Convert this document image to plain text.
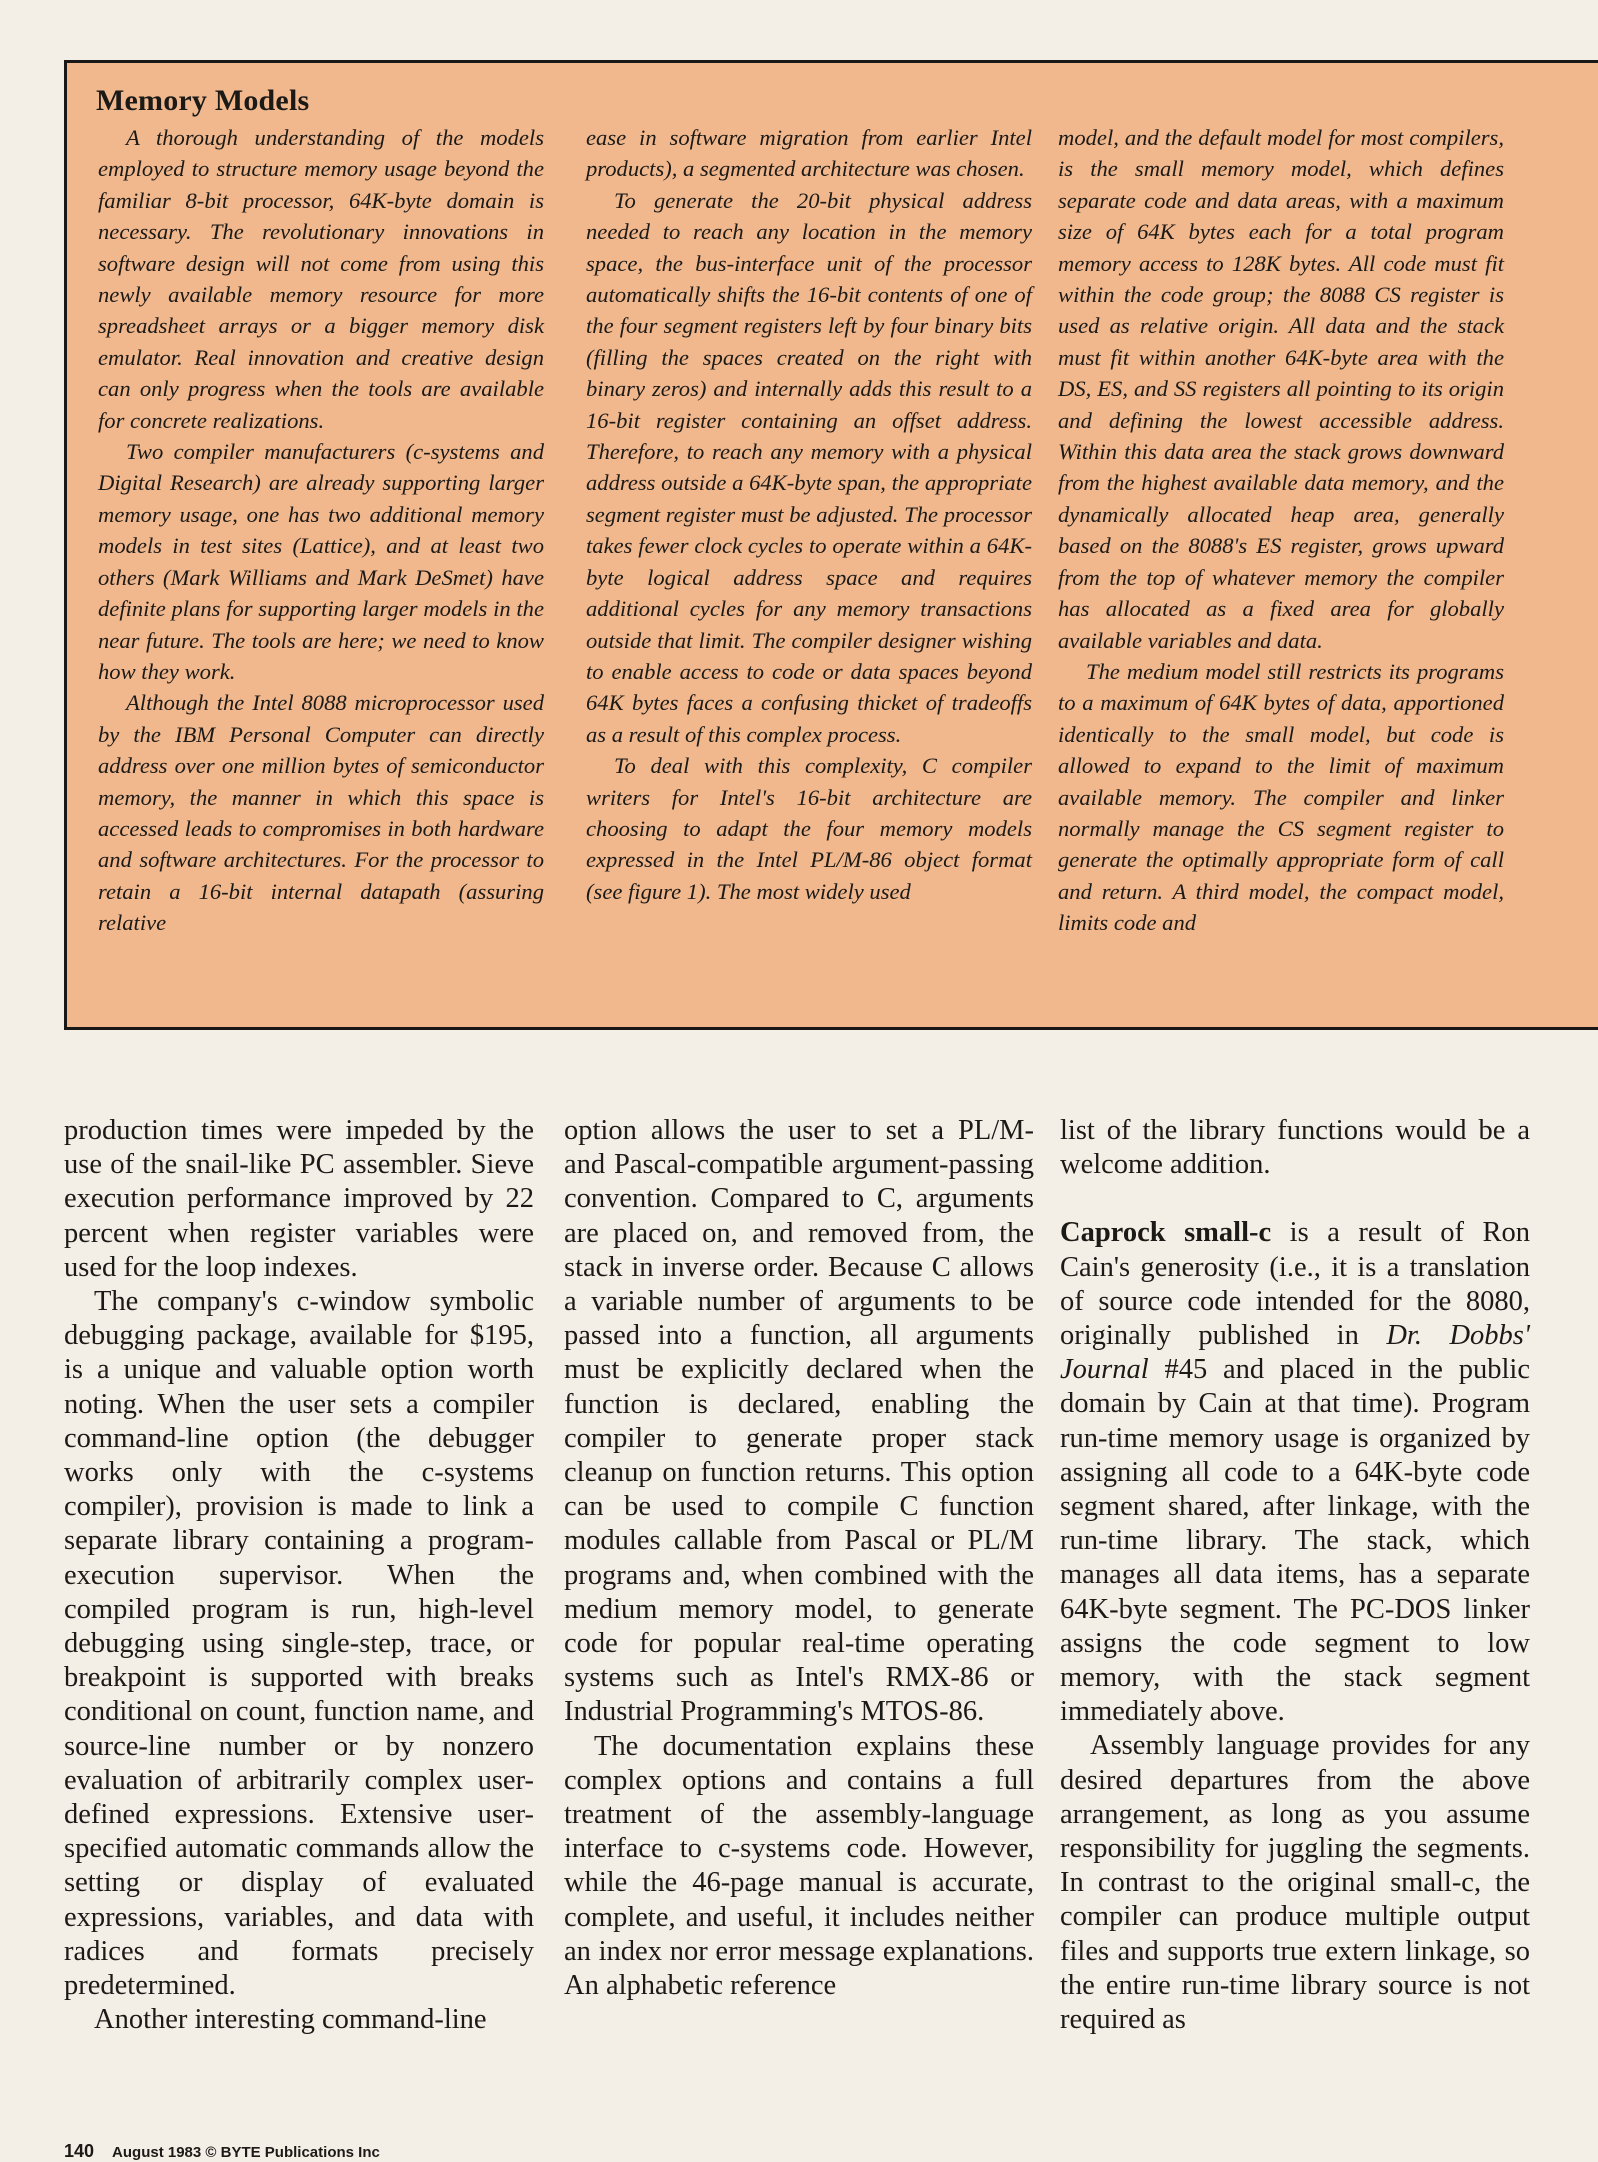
Memory Models

A thorough understanding of the models employed to structure memory usage beyond the familiar 8-bit processor, 64K-byte domain is necessary. The revolutionary innovations in software design will not come from using this newly available memory resource for more spreadsheet arrays or a bigger memory disk emulator. Real innovation and creative design can only progress when the tools are available for concrete realizations.

Two compiler manufacturers (c-systems and Digital Research) are already supporting larger memory usage, one has two additional memory models in test sites (Lattice), and at least two others (Mark Williams and Mark DeSmet) have definite plans for supporting larger models in the near future. The tools are here; we need to know how they work.

Although the Intel 8088 microprocessor used by the IBM Personal Computer can directly address over one million bytes of semiconductor memory, the manner in which this space is accessed leads to compromises in both hardware and software architectures. For the processor to retain a 16-bit internal datapath (assuring relative

ease in software migration from earlier Intel products), a segmented architecture was chosen.

To generate the 20-bit physical address needed to reach any location in the memory space, the bus-interface unit of the processor automatically shifts the 16-bit contents of one of the four segment registers left by four binary bits (filling the spaces created on the right with binary zeros) and internally adds this result to a 16-bit register containing an offset address. Therefore, to reach any memory with a physical address outside a 64K-byte span, the appropriate segment register must be adjusted. The processor takes fewer clock cycles to operate within a 64K-byte logical address space and requires additional cycles for any memory transactions outside that limit. The compiler designer wishing to enable access to code or data spaces beyond 64K bytes faces a confusing thicket of tradeoffs as a result of this complex process.

To deal with this complexity, C compiler writers for Intel's 16-bit architecture are choosing to adapt the four memory models expressed in the Intel PL/M-86 object format (see figure 1). The most widely used

model, and the default model for most compilers, is the small memory model, which defines separate code and data areas, with a maximum size of 64K bytes each for a total program memory access to 128K bytes. All code must fit within the code group; the 8088 CS register is used as relative origin. All data and the stack must fit within another 64K-byte area with the DS, ES, and SS registers all pointing to its origin and defining the lowest accessible address. Within this data area the stack grows downward from the highest available data memory, and the dynamically allocated heap area, generally based on the 8088's ES register, grows upward from the top of whatever memory the compiler has allocated as a fixed area for globally available variables and data.

The medium model still restricts its programs to a maximum of 64K bytes of data, apportioned identically to the small model, but code is allowed to expand to the limit of maximum available memory. The compiler and linker normally manage the CS segment register to generate the optimally appropriate form of call and return. A third model, the compact model, limits code and

production times were impeded by the use of the snail-like PC assembler. Sieve execution performance improved by 22 percent when register variables were used for the loop indexes.

The company's c-window symbolic debugging package, available for $195, is a unique and valuable option worth noting. When the user sets a compiler command-line option (the debugger works only with the c-systems compiler), provision is made to link a separate library containing a program-execution supervisor. When the compiled program is run, high-level debugging using single-step, trace, or breakpoint is supported with breaks conditional on count, function name, and source-line number or by nonzero evaluation of arbitrarily complex user-defined expressions. Extensive user-specified automatic commands allow the setting or display of evaluated expressions, variables, and data with radices and formats precisely predetermined.

Another interesting command-line

option allows the user to set a PL/M- and Pascal-compatible argument-passing convention. Compared to C, arguments are placed on, and removed from, the stack in inverse order. Because C allows a variable number of arguments to be passed into a function, all arguments must be explicitly declared when the function is declared, enabling the compiler to generate proper stack cleanup on function returns. This option can be used to compile C function modules callable from Pascal or PL/M programs and, when combined with the medium memory model, to generate code for popular real-time operating systems such as Intel's RMX-86 or Industrial Programming's MTOS-86.

The documentation explains these complex options and contains a full treatment of the assembly-language interface to c-systems code. However, while the 46-page manual is accurate, complete, and useful, it includes neither an index nor error message explanations. An alphabetic reference

list of the library functions would be a welcome addition.

Caprock small-c is a result of Ron Cain's generosity (i.e., it is a translation of source code intended for the 8080, originally published in Dr. Dobbs' Journal #45 and placed in the public domain by Cain at that time). Program run-time memory usage is organized by assigning all code to a 64K-byte code segment shared, after linkage, with the run-time library. The stack, which manages all data items, has a separate 64K-byte segment. The PC-DOS linker assigns the code segment to low memory, with the stack segment immediately above.

Assembly language provides for any desired departures from the above arrangement, as long as you assume responsibility for juggling the segments. In contrast to the original small-c, the compiler can produce multiple output files and supports true extern linkage, so the entire run-time library source is not required as

140 August 1983 © BYTE Publications Inc
